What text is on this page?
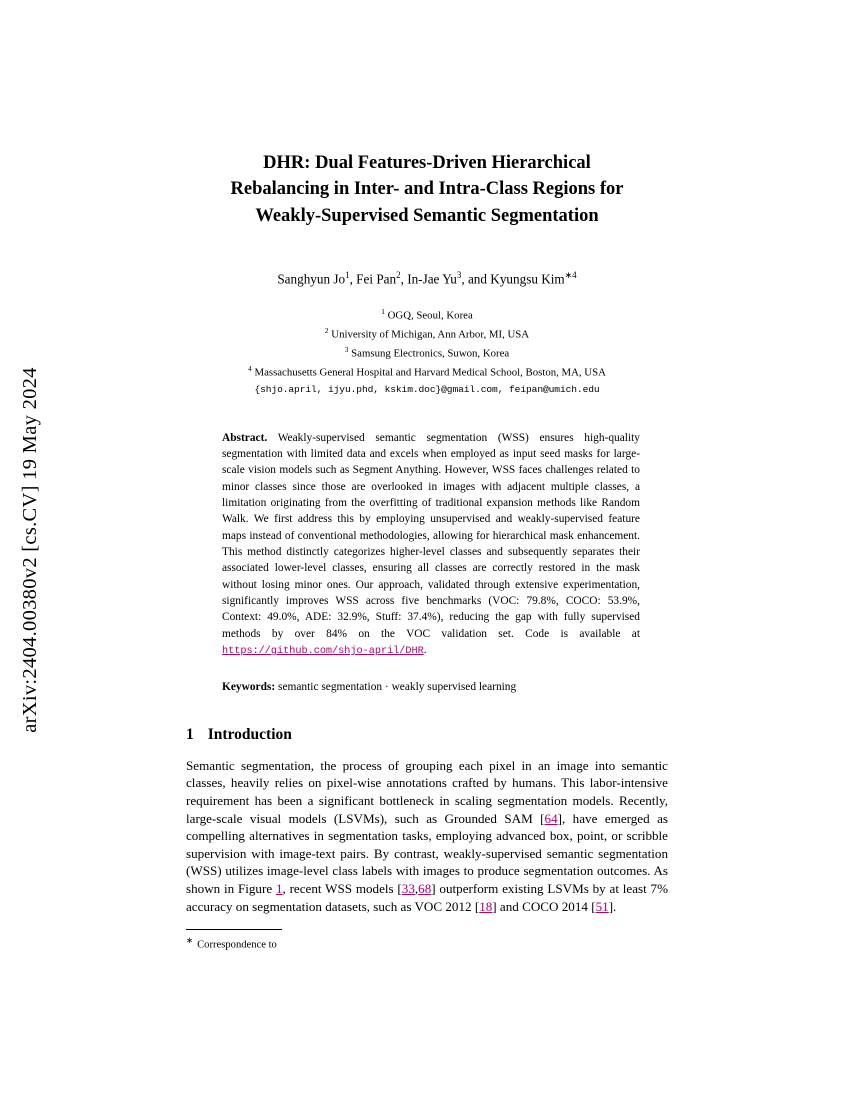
arXiv:2404.00380v2 [cs.CV] 19 May 2024
DHR: Dual Features-Driven Hierarchical
Rebalancing in Inter- and Intra-Class Regions for
Weakly-Supervised Semantic Segmentation
Sanghyun Jo$^1$, Fei Pan$^2$, In-Jae Yu$^3$, and Kyungsu Kim$^{∗4}$
$^1$ OGQ, Seoul, Korea
$^2$ University of Michigan, Ann Arbor, MI, USA
$^3$ Samsung Electronics, Suwon, Korea
$^4$ Massachusetts General Hospital and Harvard Medical School, Boston, MA, USA
{shjo.april, ijyu.phd, kskim.doc}@gmail.com, feipan@umich.edu
Abstract. Weakly-supervised semantic segmentation (WSS) ensures high-quality segmentation with limited data and excels when employed as input seed masks for large-scale vision models such as Segment Anything. However, WSS faces challenges related to minor classes since those are overlooked in images with adjacent multiple classes, a limitation originating from the overfitting of traditional expansion methods like Random Walk. We first address this by employing unsupervised and weakly-supervised feature maps instead of conventional methodologies, allowing for hierarchical mask enhancement. This method distinctly categorizes higher-level classes and subsequently separates their associated lower-level classes, ensuring all classes are correctly restored in the mask without losing minor ones. Our approach, validated through extensive experimentation, significantly improves WSS across five benchmarks (VOC: 79.8%, COCO: 53.9%, Context: 49.0%, ADE: 32.9%, Stuff: 37.4%), reducing the gap with fully supervised methods by over 84% on the VOC validation set. Code is available at https://github.com/shjo-april/DHR.
Keywords: semantic segmentation · weakly supervised learning
1 Introduction
Semantic segmentation, the process of grouping each pixel in an image into semantic classes, heavily relies on pixel-wise annotations crafted by humans. This labor-intensive requirement has been a significant bottleneck in scaling segmentation models. Recently, large-scale visual models (LSVMs), such as Grounded SAM [64], have emerged as compelling alternatives in segmentation tasks, employing advanced box, point, or scribble supervision with image-text pairs. By contrast, weakly-supervised semantic segmentation (WSS) utilizes image-level class labels with images to produce segmentation outcomes. As shown in Figure 1, recent WSS models [33,68] outperform existing LSVMs by at least 7% accuracy on segmentation datasets, such as VOC 2012 [18] and COCO 2014 [51].
∗ Correspondence to
